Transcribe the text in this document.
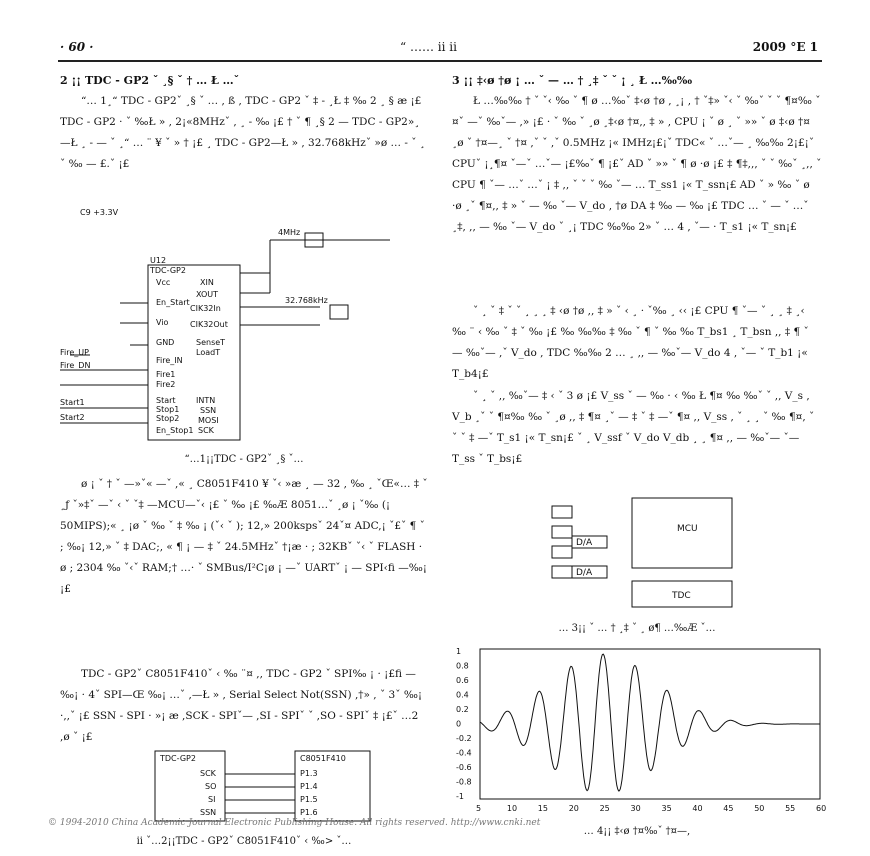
· 60 ·	“ …… ii ii	2009 °E 1
2 ¡¡ TDC - GP2 ˇ ¸§ ˇ † … Ł …ˇ

“… 1¸“ TDC - GP2ˇ ¸§ ˇ … , ß , TDC - GP2 ˇ ‡ - ¸Ł ‡ ‰ 2 ¸ § æ ¡£ TDC - GP2 · ˇ ‰Ł » , 2¡«8MHzˇ , ¸ - ‰ ¡£ † ˇ ¶ ¸§ 2 — TDC - GP2»¸—Ł ¸ - — ˇ ¸“ … ¨ ¥ ˇ » † ¡£ ¸ TDC - GP2—Ł » , 32.768kHzˇ »ø … - ˇ ¸ ˇ ‰ — £.ˇ ¡£

U12
TDC-GP2
Vcc
En_Start
Vio
GND
Fire_IN
Fire1
Fire2
Start
Stop1
Stop2
En_Stop1
XIN
XOUT
CIK32In
CIK32Out
SenseT
LoadT
INTN
SSN
MOSI
SCK
4MHz
32.768kHz
C9 +3.3V
Fire_UP
Fire_DN
Start1
Start2
“…1¡¡TDC - GP2ˇ ¸§ ˇ…

ø ¡ ˇ † ˇ —»ˇ« —ˇ ,« ¸ C8051F410 ¥ ˇ‹ »æ ¸ — 32 , ‰ ¸ ˇŒ«… ‡ ˇ ¸ƒ ˇ»‡ˇ —ˇ ‹ ˇ ˇ‡ —MCU—ˇ‹ ¡£ ˇ ‰ ¡£ ‰Æ 8051…ˇ ¸ø ¡ ˇ‰ (¡ 50MIPS);« ¸ ¡ø ˇ ‰ ˇ ‡ ‰ ¡ (ˇ‹ ˇ ); 12,» 200kspsˇ 24ˇ¤ ADC,¡ ˇ£ˇ ¶ ˇ ; ‰¡ 12,» ˇ ‡ DAC;, « ¶ ¡ — ‡ ˇ 24.5MHzˇ †¡æ · ; 32KBˇ ˇ‹ ˇ FLASH · ø ; 2304 ‰ ˇ‹ˇ RAM;† …· ˇ SMBus/I²C¡ø ¡ —ˇ UARTˇ ¡ — SPI‹fi —‰¡ ¡£

TDC - GP2ˇ C8051F410ˇ ‹ ‰ ¨¤ ,, TDC - GP2 ˇ SPI‰ ¡ · ¡£fi —‰¡ · 4ˇ SPI—Œ ‰¡ …ˇ ,—Ł » , Serial Select Not(SSN) ,†» , ˇ 3ˇ ‰¡ ·,,ˇ ¡£ SSN - SPI · »¡ æ ,SCK - SPIˇ— ,SI - SPIˇ ˇ ,SO - SPIˇ ‡ ¡£ˇ …2 ,ø ˇ ¡£

TDC-GP2	C8051F410
SCK
SO
SI
SSN
P1.3
P1.4
P1.5
P1.6
ii ˇ…2¡¡TDC - GP2ˇ C8051F410ˇ ‹ ‰> ˇ…
3 ¡¡ ‡‹ø †ø ¡ … ˇ — … † ¸‡ ˇ ˇ ¡ ¸ Ł …‰‰

Ł …‰‰ † ˇ ˇ‹ ‰ ˇ ¶ ø …‰ˇ ‡‹ø †ø , ¸¡ , † ˇ‡» ˇ‹ ˇ ‰ˇ ˇ ˇ ¶¤‰ ˇ ¤ˇ —ˇ ‰ˇ— ,» ¡£ · ˇ ‰ ˇ ¸ø ¸‡‹ø †¤,, ‡ » , CPU ¡ ˇ ø ¸ ˇ »» ˇ ø ‡‹ø †¤ ¸ø ˇ †¤—¸ ˇ †¤ ,ˇ ˇ ,ˇ 0.5MHz ¡« IMHz¡£¡ˇ TDC« ˇ …ˇ— ¸ ‰‰ 2¡£¡ˇ CPUˇ ¡¸¶¤ ˇ—ˇ …ˇ— ¡£‰ˇ ¶ ¡£ˇ AD ˇ »» ˇ ¶ ø ·ø ¡£ ‡ ¶‡,,, ˇ ˇ ‰ˇ ¸,, ˇ CPU ¶ ˇ— …ˇ …ˇ ¡ ‡ ,, ˇ ˇ ˇ ‰ ˇ— … T_ss1 ¡« T_ssn¡£ AD ˇ » ‰ ˇ ø ·ø ¸ˇ ¶¤,, ‡ » ˇ — ‰ ˇ— V_do , †ø DA ‡ ‰ — ‰ ¡£ TDC … ˇ — ˇ …ˇ ¸‡, ,, — ‰ ˇ— V_do ˇ ¸¡ TDC ‰‰ 2» ˇ … 4 , ˇ— · T_s1 ¡« T_sn¡£

ˇ ¸ ˇ ‡ ˇ ˇ ¸ ¸ ¸ ‡ ‹ø †ø ,, ‡ » ˇ ‹ ¸ · ˇ‰ ¸ ‹‹ ¡£ CPU ¶ ˇ— ˇ ¸ ¸ ‡ ¸‹ ‰ ¨ ‹ ‰ ˇ ‡ ˇ ‰ ¡£ ‰ ‰‰ ‡ ‰ ˇ ¶ ˇ ‰ ‰ T_bs1 ¸ T_bsn ,, ‡ ¶ ˇ — ‰ˇ— ,ˇ V_do , TDC ‰‰ 2 … ¸ ,, — ‰ˇ— V_do 4 , ˇ— ˇ T_b1 ¡« T_b4¡£

ˇ ¸ ˇ ,, ‰ˇ— ‡ ‹ ˇ 3 ø ¡£ V_ss ˇ — ‰ · ‹ ‰ Ł ¶¤ ‰ ‰ˇ ˇ ,, V_s , V_b ¸ˇ ˇ ¶¤‰ ‰ ˇ ¸ø ,, ‡ ¶¤ ¸ˇ — ‡ ˇ ‡ —ˇ ¶¤ ,, V_ss , ˇ ¸ ¸ ˇ ‰ ¶¤, ˇ ˇ ˇ ‡ —ˇ T_s1 ¡« T_sn¡£ ˇ ¸ V_ssf ˇ V_do V_db ¸ ¸ ¶¤ ,, — ‰ˇ— ˇ— T_ss ˇ T_bs¡£

MCU
TDC
D/A
D/A
… 3¡¡ ˇ … † ¸‡ ˇ ¸ ø¶ …‰Æ ˇ…
1
0.8
0.6
0.4
0.2
0
-0.2
-0.4
-0.6
-0.8
-1
5	10	15	20	25	30	35	40	45	50	55	60
… 4¡¡ ‡‹ø †¤‰ˇ †¤—,
© 1994-2010 China Academic Journal Electronic Publishing House. All rights reserved. http://www.cnki.net
